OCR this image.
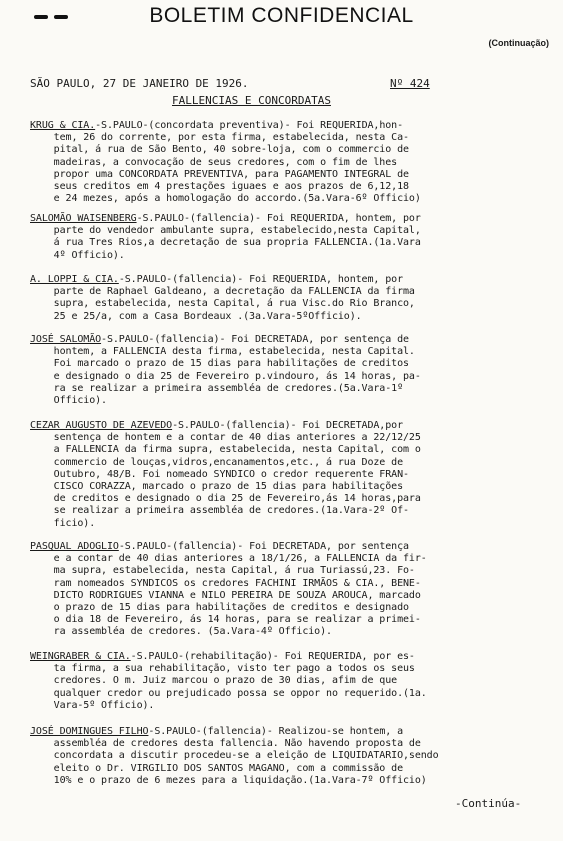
BOLETIM CONFIDENCIAL
(Continuação)
SÃO PAULO, 27 DE JANEIRO DE 1926.	Nº 424
FALLENCIAS E CONCORDATAS

KRUG & CIA.-S.PAULO-(concordata preventiva)- Foi REQUERIDA,hon-

tem, 26 do corrente, por esta firma, estabelecida, nesta Ca-

pital, á rua de São Bento, 40 sobre-loja, com o commercio de

madeiras, a convocação de seus credores, com o fim de lhes

propor uma CONCORDATA PREVENTIVA, para PAGAMENTO INTEGRAL de

seus creditos em 4 prestações iguaes e aos prazos de 6,12,18

e 24 mezes, após a homologação do accordo.(5a.Vara-6º Officio)

SALOMÃO WAISENBERG-S.PAULO-(fallencia)- Foi REQUERIDA, hontem, por

parte do vendedor ambulante supra, estabelecido,nesta Capital,

á rua Tres Rios,a decretação de sua propria FALLENCIA.(1a.Vara

4º Officio).

A. LOPPI & CIA.-S.PAULO-(fallencia)- Foi REQUERIDA, hontem, por

parte de Raphael Galdeano, a decretação da FALLENCIA da firma

supra, estabelecida, nesta Capital, á rua Visc.do Rio Branco,

25 e 25/a, com a Casa Bordeaux .(3a.Vara-5ºOfficio).

JOSÉ SALOMÃO-S.PAULO-(fallencia)- Foi DECRETADA, por sentença de

hontem, a FALLENCIA desta firma, estabelecida, nesta Capital.

Foi marcado o prazo de 15 dias para habilitações de creditos

e designado o dia 25 de Fevereiro p.vindouro, ás 14 horas, pa-

ra se realizar a primeira assembléa de credores.(5a.Vara-1º

Officio).

CEZAR AUGUSTO DE AZEVEDO-S.PAULO-(fallencia)- Foi DECRETADA,por

sentença de hontem e a contar de 40 dias anteriores a 22/12/25

a FALLENCIA da firma supra, estabelecida, nesta Capital, com o

commercio de louças,vidros,encanamentos,etc., á rua Doze de

Outubro, 48/B. Foi nomeado SYNDICO o credor requerente FRAN-

CISCO CORAZZA, marcado o prazo de 15 dias para habilitações

de creditos e designado o dia 25 de Fevereiro,ás 14 horas,para

se realizar a primeira assembléa de credores.(1a.Vara-2º Of-

ficio).

PASQUAL ADOGLIO-S.PAULO-(fallencia)- Foi DECRETADA, por sentença

e a contar de 40 dias anteriores a 18/1/26, a FALLENCIA da fir-

ma supra, estabelecida, nesta Capital, á rua Turiassú,23. Fo-

ram nomeados SYNDICOS os credores FACHINI IRMÃOS & CIA., BENE-

DICTO RODRIGUES VIANNA e NILO PEREIRA DE SOUZA AROUCA, marcado

o prazo de 15 dias para habilitações de creditos e designado

o dia 18 de Fevereiro, ás 14 horas, para se realizar a primei-

ra assembléa de credores. (5a.Vara-4º Officio).

WEINGRABER & CIA.-S.PAULO-(rehabilitação)- Foi REQUERIDA, por es-

ta firma, a sua rehabilitação, visto ter pago a todos os seus

credores. O m. Juiz marcou o prazo de 30 dias, afim de que

qualquer credor ou prejudicado possa se oppor no requerido.(1a.

Vara-5º Officio).

JOSÉ DOMINGUES FILHO-S.PAULO-(fallencia)- Realizou-se hontem, a

assembléa de credores desta fallencia. Não havendo proposta de

concordata a discutir procedeu-se a eleição de LIQUIDATARIO,sendo

eleito o Dr. VIRGILIO DOS SANTOS MAGANO, com a commissão de

10% e o prazo de 6 mezes para a liquidação.(1a.Vara-7º Officio)

-Continúa-
